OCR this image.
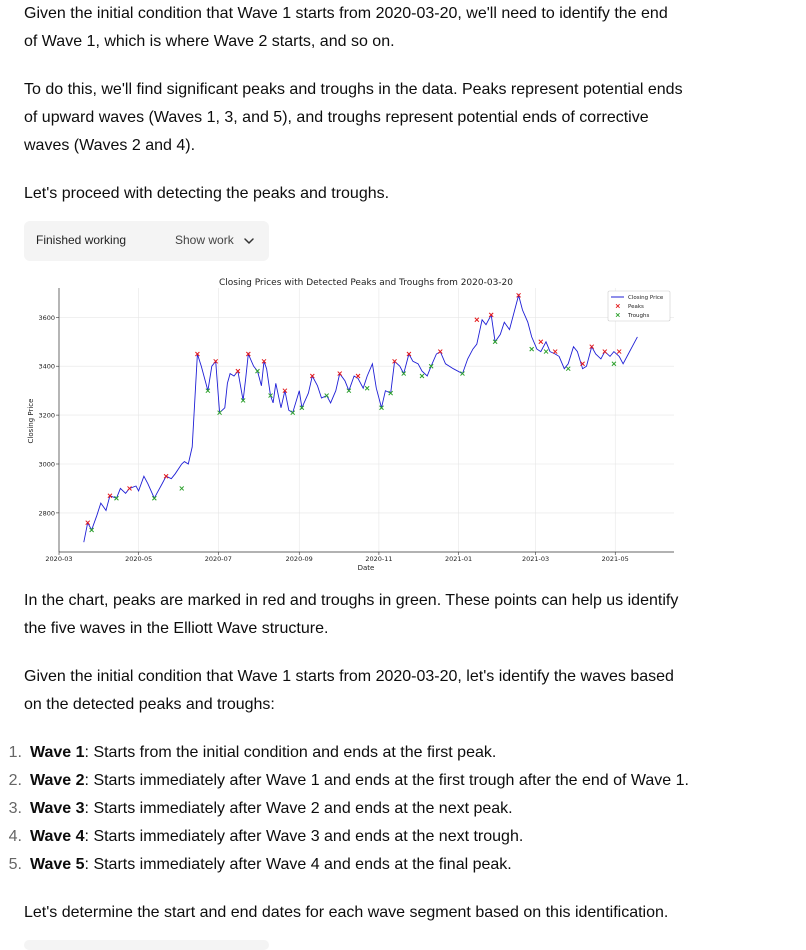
Given the initial condition that Wave 1 starts from 2020-03-20, we'll need to identify the end of Wave 1, which is where Wave 2 starts, and so on.

To do this, we'll find significant peaks and troughs in the data. Peaks represent potential ends of upward waves (Waves 1, 3, and 5), and troughs represent potential ends of corrective waves (Waves 2 and 4).

Let's proceed with detecting the peaks and troughs.

Finished working	Show work
Closing Prices with Detected Peaks and Troughs from 2020-03-20
Date
Closing Price
2800
3000
3200
3400
3600
2020-03	2020-05	2020-07	2020-09	2020-11	2021-01	2021-03	2021-05
Closing Price
Peaks
Troughs

In the chart, peaks are marked in red and troughs in green. These points can help us identify the five waves in the Elliott Wave structure.

Given the initial condition that Wave 1 starts from 2020-03-20, let's identify the waves based on the detected peaks and troughs:

1. Wave 1: Starts from the initial condition and ends at the first peak.
2. Wave 2: Starts immediately after Wave 1 and ends at the first trough after the end of Wave 1.
3. Wave 3: Starts immediately after Wave 2 and ends at the next peak.
4. Wave 4: Starts immediately after Wave 3 and ends at the next trough.
5. Wave 5: Starts immediately after Wave 4 and ends at the final peak.

Let's determine the start and end dates for each wave segment based on this identification.
